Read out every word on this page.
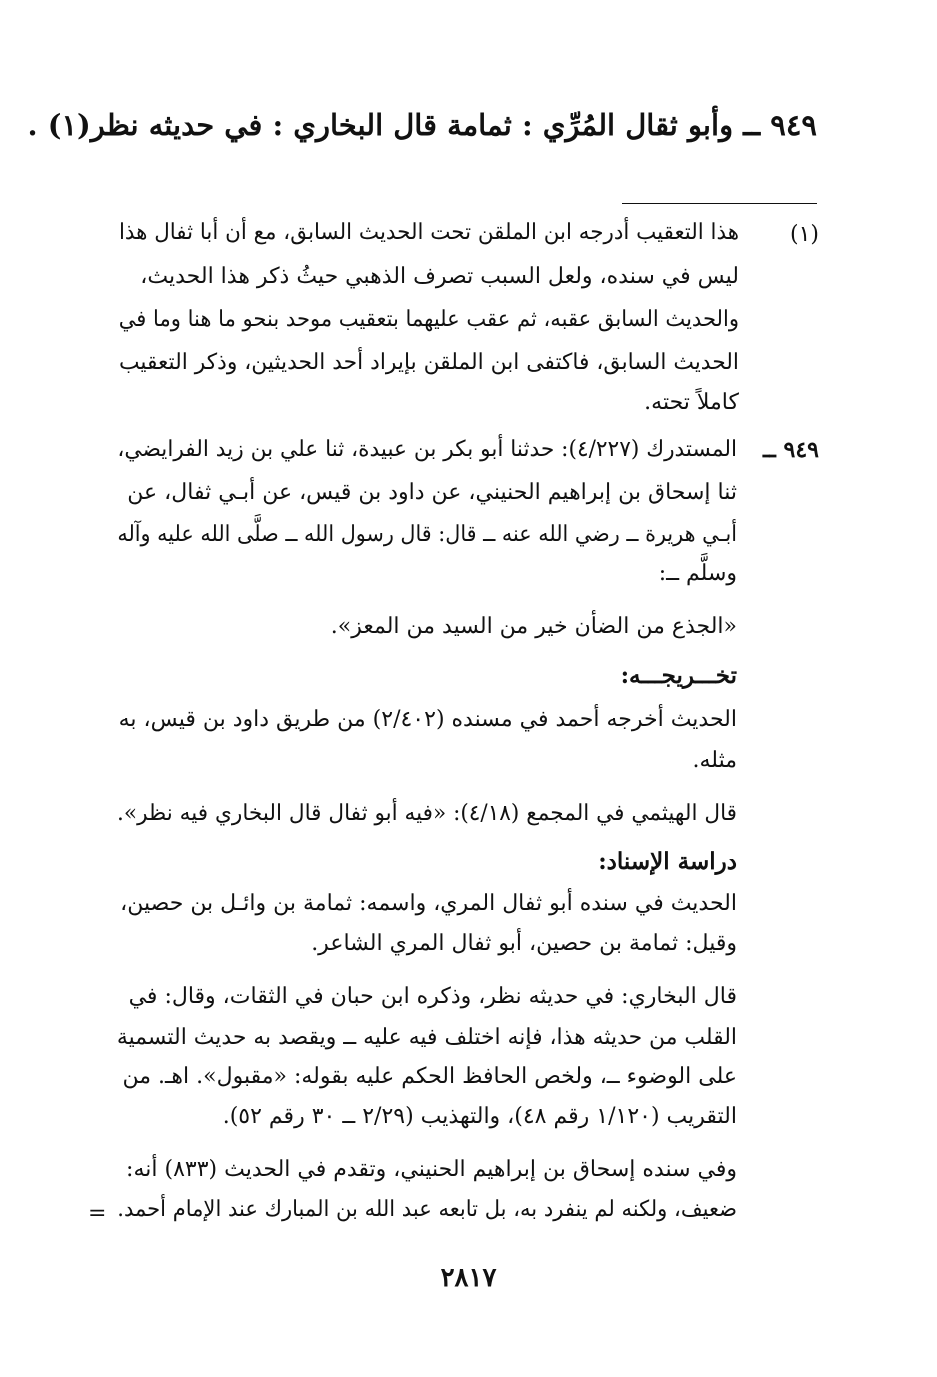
٩٤٩ ــ وأبو ثقال المُرِّي : ثمامة قال البخاري : في حديثه نظر(١) .
(١)
هذا التعقيب أدرجه ابن الملقن تحت الحديث السابق، مع أن أبا ثفال هذا
ليس في سنده، ولعل السبب تصرف الذهبي حيثُ ذكر هذا الحديث،
والحديث السابق عقبه، ثم عقب عليهما بتعقيب موحد بنحو ما هنا وما في
الحديث السابق، فاكتفى ابن الملقن بإيراد أحد الحديثين، وذكر التعقيب
كاملاً تحته.
٩٤٩ ــ
المستدرك (٤/٢٢٧): حدثنا أبو بكر بن عبيدة، ثنا علي بن زيد الفرايضي،
ثنا إسحاق بن إبراهيم الحنيني، عن داود بن قيس، عن أبـي ثفال، عن
أبـي هريرة ــ رضي الله عنه ــ قال: قال رسول الله ــ صلَّى الله عليه وآله
وسلَّم ــ:
«الجذع من الضأن خير من السيد من المعز».
تخـــريجـــه:
الحديث أخرجه أحمد في مسنده (٢/٤٠٢) من طريق داود بن قيس، به
مثله.
قال الهيثمي في المجمع (٤/١٨): «فيه أبو ثفال قال البخاري فيه نظر».
دراسة الإسناد:
الحديث في سنده أبو ثفال المري، واسمه: ثمامة بن وائـل بن حصين،
وقيل: ثمامة بن حصين، أبو ثفال المري الشاعر.
قال البخاري: في حديثه نظر، وذكره ابن حبان في الثقات، وقال: في
القلب من حديثه هذا، فإنه اختلف فيه عليه ــ ويقصد به حديث التسمية
على الوضوء ــ، ولخص الحافظ الحكم عليه بقوله: «مقبول». اهـ. من
التقريب (١/١٢٠ رقم ٤٨)، والتهذيب (٢/٢٩ ــ ٣٠ رقم ٥٢).
وفي سنده إسحاق بن إبراهيم الحنيني، وتقدم في الحديث (٨٣٣) أنه:
ضعيف، ولكنه لم ينفرد به، بل تابعه عبد الله بن المبارك عند الإمام أحمد.
=
٢٨١٧
